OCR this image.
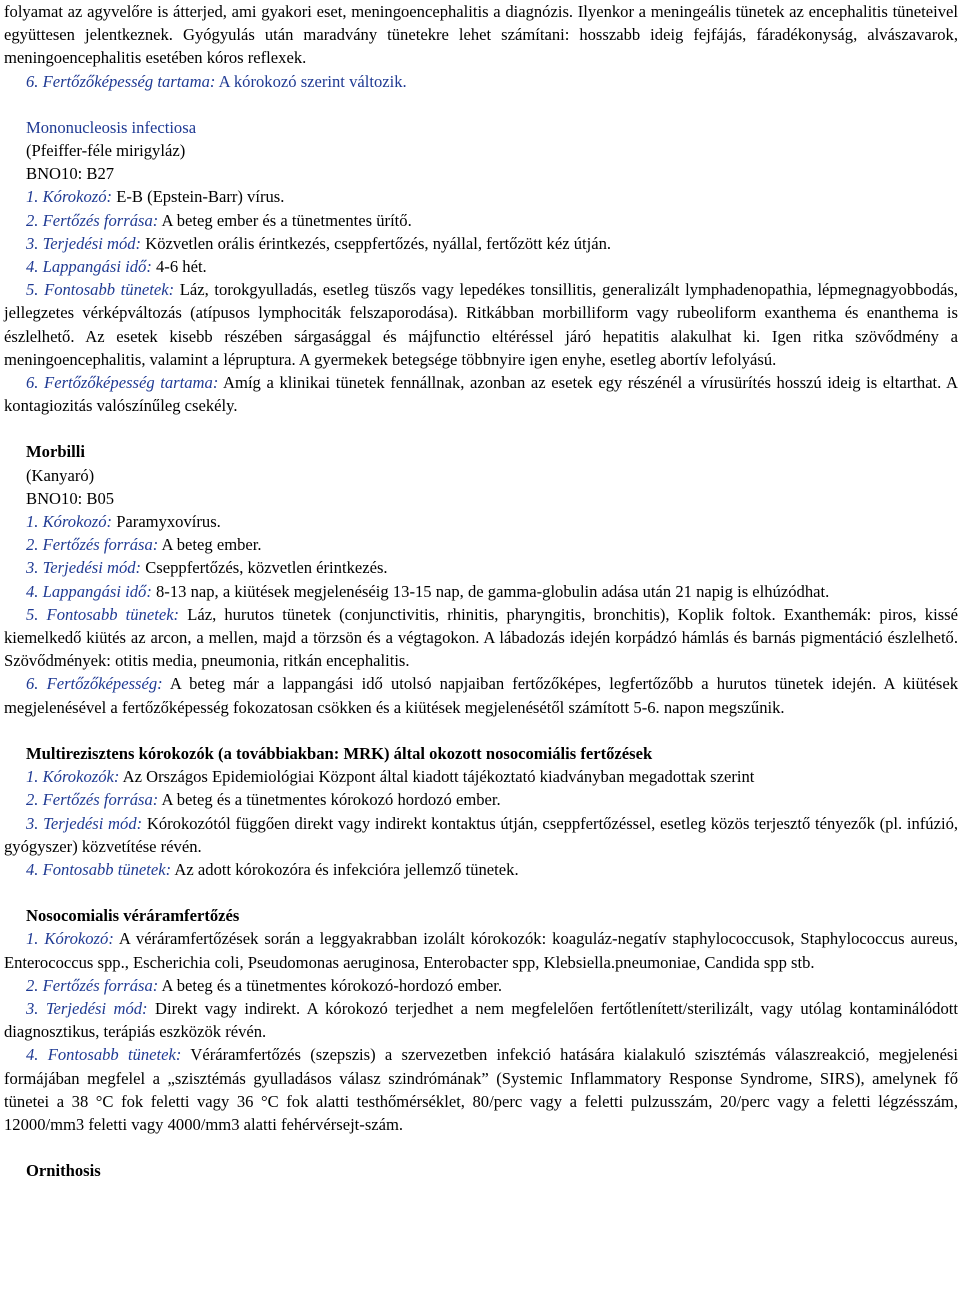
folyamat az agyvelőre is átterjed, ami gyakori eset, meningoencephalitis a diagnózis. Ilyenkor a meningeális tünetek az encephalitis tüneteivel együttesen jelentkeznek. Gyógyulás után maradvány tünetekre lehet számítani: hosszabb ideig fejfájás, fáradékonyság, alvászavarok, meningoencephalitis esetében kóros reflexek.

6. Fertőzőképesség tartama: A kórokozó szerint változik.

Mononucleosis infectiosa

(Pfeiffer-féle mirigyláz)

BNO10: B27

1. Kórokozó: E-B (Epstein-Barr) vírus.

2. Fertőzés forrása: A beteg ember és a tünetmentes ürítő.

3. Terjedési mód: Közvetlen orális érintkezés, cseppfertőzés, nyállal, fertőzött kéz útján.

4. Lappangási idő: 4-6 hét.

5. Fontosabb tünetek: Láz, torokgyulladás, esetleg tüszős vagy lepedékes tonsillitis, generalizált lymphadenopathia, lépmegnagyobbodás, jellegzetes vérképváltozás (atípusos lymphociták felszaporodása). Ritkábban morbilliform vagy rubeoliform exanthema és enanthema is észlelhető. Az esetek kisebb részében sárgasággal és májfunctio eltéréssel járó hepatitis alakulhat ki. Igen ritka szövődmény a meningoencephalitis, valamint a lépruptura. A gyermekek betegsége többnyire igen enyhe, esetleg abortív lefolyású.

6. Fertőzőképesség tartama: Amíg a klinikai tünetek fennállnak, azonban az esetek egy részénél a vírusürítés hosszú ideig is eltarthat. A kontagiozitás valószínűleg csekély.

Morbilli

(Kanyaró)

BNO10: B05

1. Kórokozó: Paramyxovírus.

2. Fertőzés forrása: A beteg ember.

3. Terjedési mód: Cseppfertőzés, közvetlen érintkezés.

4. Lappangási idő: 8-13 nap, a kiütések megjelenéséig 13-15 nap, de gamma-globulin adása után 21 napig is elhúzódhat.

5. Fontosabb tünetek: Láz, hurutos tünetek (conjunctivitis, rhinitis, pharyngitis, bronchitis), Koplik foltok. Exanthemák: piros, kissé kiemelkedő kiütés az arcon, a mellen, majd a törzsön és a végtagokon. A lábadozás idején korpádzó hámlás és barnás pigmentáció észlelhető. Szövődmények: otitis media, pneumonia, ritkán encephalitis.

6. Fertőzőképesség: A beteg már a lappangási idő utolsó napjaiban fertőzőképes, legfertőzőbb a hurutos tünetek idején. A kiütések megjelenésével a fertőzőképesség fokozatosan csökken és a kiütések megjelenésétől számított 5-6. napon megszűnik.

Multirezisztens kórokozók (a továbbiakban: MRK) által okozott nosocomiális fertőzések

1. Kórokozók: Az Országos Epidemiológiai Központ által kiadott tájékoztató kiadványban megadottak szerint

2. Fertőzés forrása: A beteg és a tünetmentes kórokozó hordozó ember.

3. Terjedési mód: Kórokozótól függően direkt vagy indirekt kontaktus útján, cseppfertőzéssel, esetleg közös terjesztő tényezők (pl. infúzió, gyógyszer) közvetítése révén.

4. Fontosabb tünetek: Az adott kórokozóra és infekcióra jellemző tünetek.

Nosocomialis véráramfertőzés

1. Kórokozó: A véráramfertőzések során a leggyakrabban izolált kórokozók: koaguláz-negatív staphylococcusok, Staphylococcus aureus, Enterococcus spp., Escherichia coli, Pseudomonas aeruginosa, Enterobacter spp, Klebsiella.pneumoniae, Candida spp stb.

2. Fertőzés forrása: A beteg és a tünetmentes kórokozó-hordozó ember.

3. Terjedési mód: Direkt vagy indirekt. A kórokozó terjedhet a nem megfelelően fertőtlenített/sterilizált, vagy utólag kontaminálódott diagnosztikus, terápiás eszközök révén.

4. Fontosabb tünetek: Véráramfertőzés (szepszis) a szervezetben infekció hatására kialakuló szisztémás válaszreakció, megjelenési formájában megfelel a „szisztémás gyulladásos válasz szindrómának” (Systemic Inflammatory Response Syndrome, SIRS), amelynek fő tünetei a 38 °C fok feletti vagy 36 °C fok alatti testhőmérséklet, 80/perc vagy a feletti pulzusszám, 20/perc vagy a feletti légzésszám, 12000/mm3 feletti vagy 4000/mm3 alatti fehérvérsejt-szám.

Ornithosis
